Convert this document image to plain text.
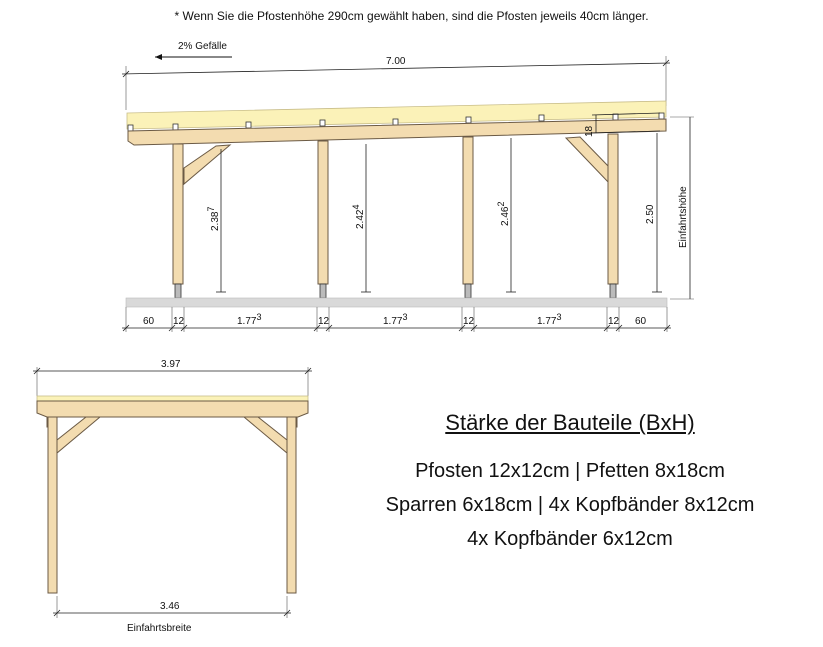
* Wenn Sie die Pfostenhöhe 290cm gewählt haben, sind die Pfosten jeweils 40cm länger.
2% Gefälle
7.00
2.387
2.424	2.462
18
2.50 Einfahrtshöhe
60 12	1.773	12	1.773	12	1.773	12 60
3.97
3.46
Einfahrtsbreite
Stärke der Bauteile (BxH)
Pfosten 12x12cm | Pfetten 8x18cm
Sparren 6x18cm | 4x Kopfbänder 8x12cm
4x Kopfbänder 6x12cm
